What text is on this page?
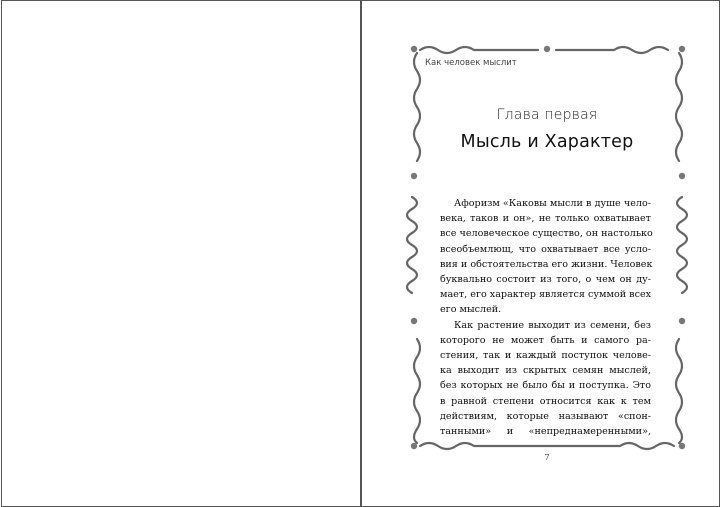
Как человек мыслит
Глава первая
Мысль и Характер
Афоризм «Каковы мысли в душе чело-
века, таков и он», не только охватывает
все человеческое существо, он настолько
всеобъемлющ, что охватывает все усло-
вия и обстоятельства его жизни. Человек
буквально состоит из того, о чем он ду-
мает, его характер является суммой всех
его мыслей.
Как растение выходит из семени, без
которого не может быть и самого ра-
стения, так и каждый поступок челове-
ка выходит из скрытых семян мыслей,
без которых не было бы и поступка. Это
в равной степени относится как к тем
действиям, которые называют «спон-
танными» и «непреднамеренными»,
7
